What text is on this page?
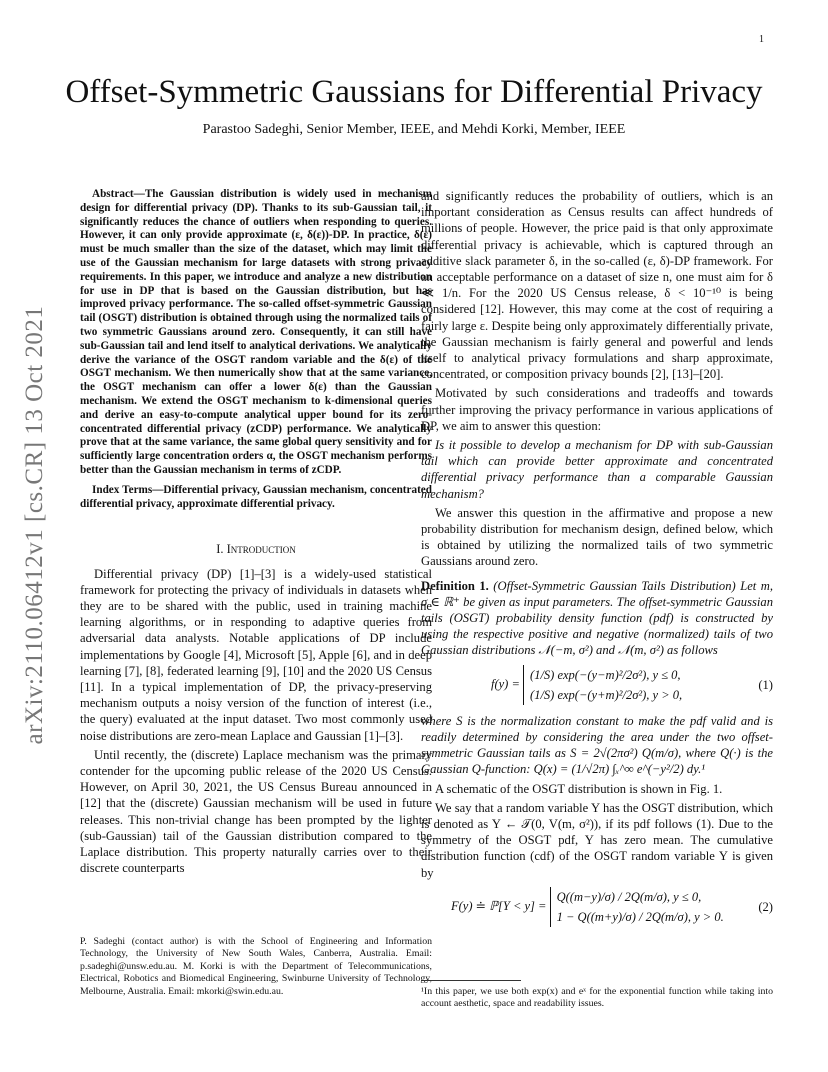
1
arXiv:2110.06412v1 [cs.CR] 13 Oct 2021
Offset-Symmetric Gaussians for Differential Privacy
Parastoo Sadeghi, Senior Member, IEEE, and Mehdi Korki, Member, IEEE

Abstract—The Gaussian distribution is widely used in mechanism design for differential privacy (DP). Thanks to its sub-Gaussian tail, it significantly reduces the chance of outliers when responding to queries. However, it can only provide approximate (ε, δ(ε))-DP. In practice, δ(ε) must be much smaller than the size of the dataset, which may limit the use of the Gaussian mechanism for large datasets with strong privacy requirements. In this paper, we introduce and analyze a new distribution for use in DP that is based on the Gaussian distribution, but has improved privacy performance. The so-called offset-symmetric Gaussian tail (OSGT) distribution is obtained through using the normalized tails of two symmetric Gaussians around zero. Consequently, it can still have sub-Gaussian tail and lend itself to analytical derivations. We analytically derive the variance of the OSGT random variable and the δ(ε) of the OSGT mechanism. We then numerically show that at the same variance, the OSGT mechanism can offer a lower δ(ε) than the Gaussian mechanism. We extend the OSGT mechanism to k-dimensional queries and derive an easy-to-compute analytical upper bound for its zero-concentrated differential privacy (zCDP) performance. We analytically prove that at the same variance, the same global query sensitivity and for sufficiently large concentration orders α, the OSGT mechanism performs better than the Gaussian mechanism in terms of zCDP.

Index Terms—Differential privacy, Gaussian mechanism, concentrated differential privacy, approximate differential privacy.

I. Introduction

Differential privacy (DP) [1]–[3] is a widely-used statistical framework for protecting the privacy of individuals in datasets when they are to be shared with the public, used in training machine learning algorithms, or in responding to adaptive queries from adversarial data analysts. Notable applications of DP include implementations by Google [4], Microsoft [5], Apple [6], and in deep learning [7], [8], federated learning [9], [10] and the 2020 US Census [11]. In a typical implementation of DP, the privacy-preserving mechanism outputs a noisy version of the function of interest (i.e., the query) evaluated at the input dataset. Two most commonly used noise distributions are zero-mean Laplace and Gaussian [1]–[3].

Until recently, the (discrete) Laplace mechanism was the primary contender for the upcoming public release of the 2020 US Census. However, on April 30, 2021, the US Census Bureau announced in [12] that the (discrete) Gaussian mechanism will be used in future releases. This non-trivial change has been prompted by the lighter (sub-Gaussian) tail of the Gaussian distribution compared to the Laplace distribution. This property naturally carries over to their discrete counterparts

P. Sadeghi (contact author) is with the School of Engineering and Information Technology, the University of New South Wales, Canberra, Australia. Email: p.sadeghi@unsw.edu.au. M. Korki is with the Department of Telecommunications, Electrical, Robotics and Biomedical Engineering, Swinburne University of Technology, Melbourne, Australia. Email: mkorki@swin.edu.au.

and significantly reduces the probability of outliers, which is an important consideration as Census results can affect hundreds of millions of people. However, the price paid is that only approximate differential privacy is achievable, which is captured through an additive slack parameter δ, in the so-called (ε, δ)-DP framework. For an acceptable performance on a dataset of size n, one must aim for δ ≪ 1/n. For the 2020 US Census release, δ < 10⁻¹⁰ is being considered [12]. However, this may come at the cost of requiring a fairly large ε. Despite being only approximately differentially private, the Gaussian mechanism is fairly general and powerful and lends itself to analytical privacy formulations and sharp approximate, concentrated, or composition privacy bounds [2], [13]–[20].

Motivated by such considerations and tradeoffs and towards further improving the privacy performance in various applications of DP, we aim to answer this question:

Is it possible to develop a mechanism for DP with sub-Gaussian tail which can provide better approximate and concentrated differential privacy performance than a comparable Gaussian mechanism?

We answer this question in the affirmative and propose a new probability distribution for mechanism design, defined below, which is obtained by utilizing the normalized tails of two symmetric Gaussians around zero.

Definition 1. (Offset-Symmetric Gaussian Tails Distribution) Let m, σ ∈ ℝ⁺ be given as input parameters. The offset-symmetric Gaussian tails (OSGT) probability density function (pdf) is constructed by using the respective positive and negative (normalized) tails of two Gaussian distributions 𝒩(−m, σ²) and 𝒩(m, σ²) as follows

f(y) = (1/S) exp(−(y−m)²/2σ²), y ≤ 0,
(1/S) exp(−(y+m)²/2σ²), y > 0,
(1)

where S is the normalization constant to make the pdf valid and is readily determined by considering the area under the two offset-symmetric Gaussian tails as S = 2√(2πσ²) Q(m/σ), where Q(·) is the Gaussian Q-function: Q(x) = (1/√2π) ∫ₓ^∞ e^(−y²/2) dy.¹

A schematic of the OSGT distribution is shown in Fig. 1.

We say that a random variable Y has the OSGT distribution, which is denoted as Y ← 𝒯(0, V(m, σ²)), if its pdf follows (1). Due to the symmetry of the OSGT pdf, Y has zero mean. The cumulative distribution function (cdf) of the OSGT random variable Y is given by

F(y) ≐ ℙ[Y < y] = Q((m−y)/σ) / 2Q(m/σ), y ≤ 0,
1 − Q((m+y)/σ) / 2Q(m/σ), y > 0.
(2)
¹In this paper, we use both exp(x) and eˣ for the exponential function while taking into account aesthetic, space and readability issues.
